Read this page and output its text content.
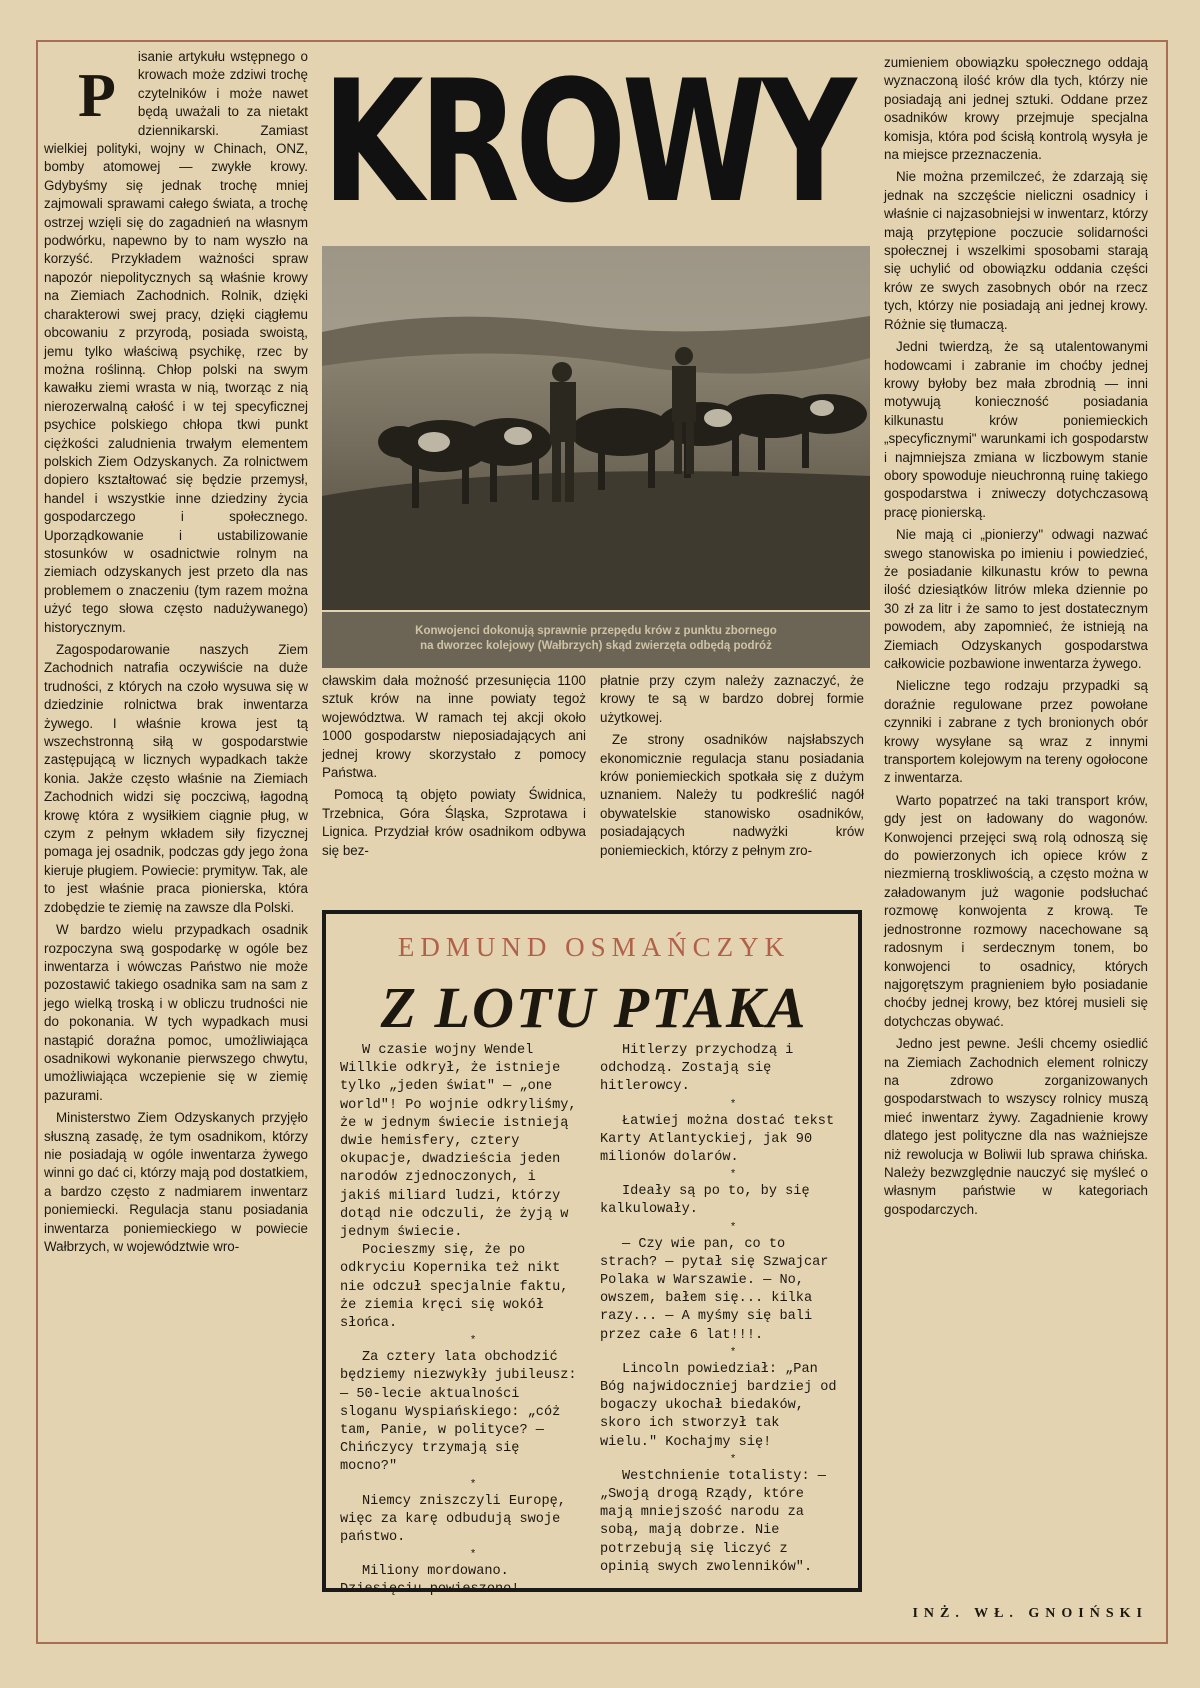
P
isanie artykułu wstępnego o krowach może zdziwi trochę czytelników i może nawet będą uważali to za nietakt dziennikarski. Zamiast wielkiej polityki, wojny w Chinach, ONZ, bomby atomowej — zwykłe krowy. Gdybyśmy się jednak trochę mniej zajmowali sprawami całego świata, a trochę ostrzej wzięli się do zagadnień na własnym podwórku, napewno by to nam wyszło na korzyść. Przykładem ważności spraw napozór niepolitycznych są właśnie krowy na Ziemiach Zachodnich. Rolnik, dzięki charakterowi swej pracy, dzięki ciągłemu obcowaniu z przyrodą, posiada swoistą, jemu tylko właściwą psychikę, rzec by można roślinną. Chłop polski na swym kawałku ziemi wrasta w nią, tworząc z nią nierozerwalną całość i w tej specyficznej psychice polskiego chłopa tkwi punkt ciężkości zaludnienia trwałym elementem polskich Ziem Odzyskanych. Za rolnictwem dopiero kształtować się będzie przemysł, handel i wszystkie inne dziedziny życia gospodarczego i społecznego. Uporządkowanie i ustabilizowanie stosunków w osadnictwie rolnym na ziemiach odzyskanych jest przeto dla nas problemem o znaczeniu (tym razem można użyć tego słowa często nadużywanego) historycznym.

Zagospodarowanie naszych Ziem Zachodnich natrafia oczywiście na duże trudności, z których na czoło wysuwa się w dziedzinie rolnictwa brak inwentarza żywego. I właśnie krowa jest tą wszechstronną siłą w gospodarstwie zastępującą w licznych wypadkach także konia. Jakże często właśnie na Ziemiach Zachodnich widzi się poczciwą, łagodną krowę która z wysiłkiem ciągnie pług, w czym z pełnym wkładem siły fizycznej pomaga jej osadnik, podczas gdy jego żona kieruje pługiem. Powiecie: prymityw. Tak, ale to jest właśnie praca pionierska, która zdobędzie te ziemię na zawsze dla Polski.

W bardzo wielu przypadkach osadnik rozpoczyna swą gospodarkę w ogóle bez inwentarza i wówczas Państwo nie może pozostawić takiego osadnika sam na sam z jego wielką troską i w obliczu trudności nie do pokonania. W tych wypadkach musi nastąpić doraźna pomoc, umożliwiająca osadnikowi wykonanie pierwszego chwytu, umożliwiająca wczepienie się w ziemię pazurami.

Ministerstwo Ziem Odzyskanych przyjęło słuszną zasadę, że tym osadnikom, którzy nie posiadają w ogóle inwentarza żywego winni go dać ci, którzy mają pod dostatkiem, a bardzo często z nadmiarem inwentarz poniemiecki. Regulacja stanu posiadania inwentarza poniemieckiego w powiecie Wałbrzych, w województwie wro-

KROWY
Konwojenci dokonują sprawnie przepędu krów z punktu zbornego
na dworzec kolejowy (Wałbrzych) skąd zwierzęta odbędą podróż

cławskim dała możność przesunięcia 1100 sztuk krów na inne powiaty tegoż województwa. W ramach tej akcji około 1000 gospodarstw nieposiadających ani jednej krowy skorzystało z pomocy Państwa.

Pomocą tą objęto powiaty Świdnica, Trzebnica, Góra Śląska, Szprotawa i Lignica. Przydział krów osadnikom odbywa się bez-

płatnie przy czym należy zaznaczyć, że krowy te są w bardzo dobrej formie użytkowej.

Ze strony osadników najsłabszych ekonomicznie regulacja stanu posiadania krów poniemieckich spotkała się z dużym uznaniem. Należy tu podkreślić nagół obywatelskie stanowisko osadników, posiadających nadwyżki krów poniemieckich, którzy z pełnym zro-

zumieniem obowiązku społecznego oddają wyznaczoną ilość krów dla tych, którzy nie posiadają ani jednej sztuki. Oddane przez osadników krowy przejmuje specjalna komisja, która pod ścisłą kontrolą wysyła je na miejsce przeznaczenia.

Nie można przemilczeć, że zdarzają się jednak na szczęście nieliczni osadnicy i właśnie ci najzasobniejsi w inwentarz, którzy mają przytępione poczucie solidarności społecznej i wszelkimi sposobami starają się uchylić od obowiązku oddania części krów ze swych zasobnych obór na rzecz tych, którzy nie posiadają ani jednej krowy. Różnie się tłumaczą.

Jedni twierdzą, że są utalentowanymi hodowcami i zabranie im choćby jednej krowy byłoby bez mała zbrodnią — inni motywują konieczność posiadania kilkunastu krów poniemieckich „specyficznymi" warunkami ich gospodarstw i najmniejsza zmiana w liczbowym stanie obory spowoduje nieuchronną ruinę takiego gospodarstwa i zniweczy dotychczasową pracę pionierską.

Nie mają ci „pionierzy" odwagi nazwać swego stanowiska po imieniu i powiedzieć, że posiadanie kilkunastu krów to pewna ilość dziesiątków litrów mleka dziennie po 30 zł za litr i że samo to jest dostatecznym powodem, aby zapomnieć, że istnieją na Ziemiach Odzyskanych gospodarstwa całkowicie pozbawione inwentarza żywego.

Nieliczne tego rodzaju przypadki są doraźnie regulowane przez powołane czynniki i zabrane z tych bronionych obór krowy wysyłane są wraz z innymi transportem kolejowym na tereny ogołocone z inwentarza.

Warto popatrzeć na taki transport krów, gdy jest on ładowany do wagonów. Konwojenci przejęci swą rolą odnoszą się do powierzonych ich opiece krów z niezmierną troskliwością, a często można w załadowanym już wagonie podsłuchać rozmowę konwojenta z krową. Te jednostronne rozmowy nacechowane są radosnym i serdecznym tonem, bo konwojenci to osadnicy, których najgorętszym pragnieniem było posiadanie choćby jednej krowy, bez której musieli się dotychczas obywać.

Jedno jest pewne. Jeśli chcemy osiedlić na Ziemiach Zachodnich element rolniczy na zdrowo zorganizowanych gospodarstwach to wszyscy rolnicy muszą mieć inwentarz żywy. Zagadnienie krowy dlatego jest polityczne dla nas ważniejsze niż rewolucja w Boliwii lub sprawa chińska. Należy bezwzględnie nauczyć się myśleć o własnym państwie w kategoriach gospodarczych.

INŻ. WŁ. GNOIŃSKI
EDMUND OSMAŃCZYK
Z LOTU PTAKA

W czasie wojny Wendel Willkie odkrył, że istnieje tylko „jeden świat" — „one world"! Po wojnie odkryliśmy, że w jednym świecie istnieją dwie hemisfery, cztery okupacje, dwadzieścia jeden narodów zjednoczonych, i jakiś miliard ludzi, którzy dotąd nie odczuli, że żyją w jednym świecie.

Pocieszmy się, że po odkryciu Kopernika też nikt nie odczuł specjalnie faktu, że ziemia kręci się wokół słońca.

*

Za cztery lata obchodzić będziemy niezwykły jubileusz: — 50-lecie aktualności sloganu Wyspiańskiego: „cóż tam, Panie, w polityce? — Chińczycy trzymają się mocno?"

*

Niemcy zniszczyli Europę, więc za karę odbudują swoje państwo.

*

Miliony mordowano. Dziesięciu powieszono!

Hitlerzy przychodzą i odchodzą. Zostają się hitlerowcy.

*

Łatwiej można dostać tekst Karty Atlantyckiej, jak 90 milionów dolarów.

*

Ideały są po to, by się kalkulowały.

*

— Czy wie pan, co to strach? — pytał się Szwajcar Polaka w Warszawie. — No, owszem, bałem się... kilka razy... — A myśmy się bali przez całe 6 lat!!!.

*

Lincoln powiedział: „Pan Bóg najwidoczniej bardziej od bogaczy ukochał biedaków, skoro ich stworzył tak wielu." Kochajmy się!

*

Westchnienie totalisty: — „Swoją drogą Rządy, które mają mniejszość narodu za sobą, mają dobrze. Nie potrzebują się liczyć z opinią swych zwolenników".
